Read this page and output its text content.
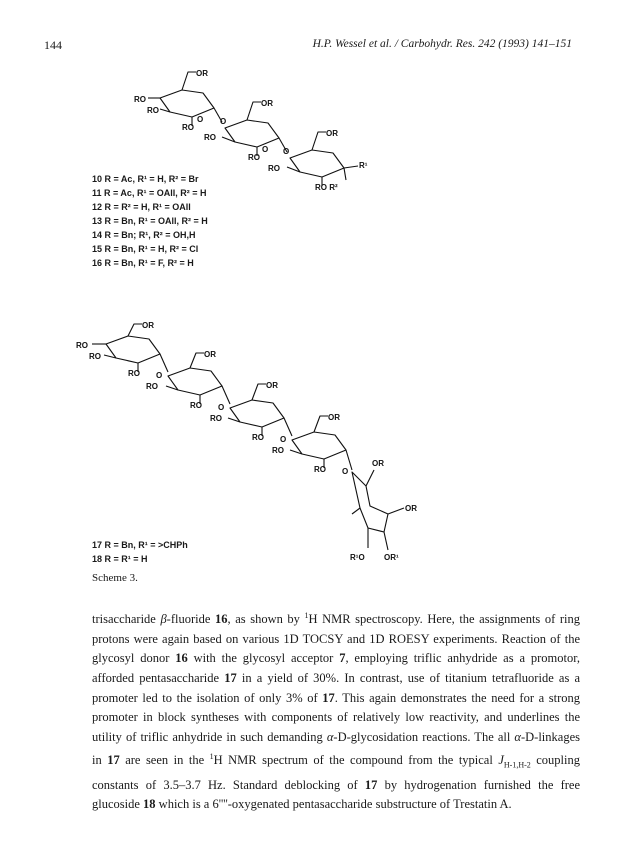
144	H.P. Wessel et al. / Carbohydr. Res. 242 (1993) 141–151
OR
RO
RO
O
RO
O
OR
RO
O
RO
O
OR
RO	R¹
RO R²
OR
RO
RO
RO O
OR
RO
RO O
OR
RO
RO O
OR
RO
RO O
OR
OR
R¹O OR¹
10 R = Ac, R¹ = H, R² = Br
11 R = Ac, R¹ = OAll, R² = H
12 R = R² = H, R¹ = OAll
13 R = Bn, R¹ = OAll, R² = H
14 R = Bn; R¹, R² = OH,H
15 R = Bn, R¹ = H, R² = Cl
16 R = Bn, R¹ = F, R² = H
17 R = Bn, R¹ = >CHPh
18 R = R¹ = H
Scheme 3.

trisaccharide β-fluoride 16, as shown by $^1$H NMR spectroscopy. Here, the assignments of ring protons were again based on various 1D TOCSY and 1D ROESY experiments. Reaction of the glycosyl donor 16 with the glycosyl acceptor 7, employing triflic anhydride as a promotor, afforded pentasaccharide 17 in a yield of 30%. In contrast, use of titanium tetrafluoride as a promoter led to the isolation of only 3% of 17. This again demonstrates the need for a strong promoter in block syntheses with components of relatively low reactivity, and underlines the utility of triflic anhydride in such demanding α-D-glycosidation reactions. The all α-D-linkages in 17 are seen in the $^1$H NMR spectrum of the compound from the typical $J_{H-1,H-2}$ coupling constants of 3.5–3.7 Hz. Standard deblocking of 17 by hydrogenation furnished the free glucoside 18 which is a 6''''-oxygenated pentasaccharide substructure of Trestatin A.
